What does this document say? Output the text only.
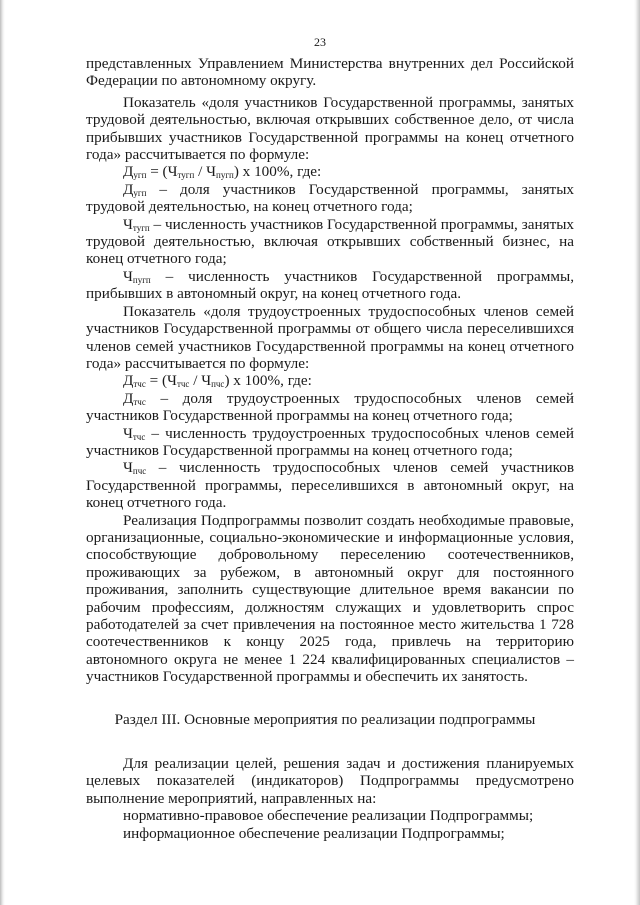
23

представленных Управлением Министерства внутренних дел Российской Федерации по автономному округу.

Показатель «доля участников Государственной программы, занятых трудовой деятельностью, включая открывших собственное дело, от числа прибывших участников Государственной программы на конец отчетного года» рассчитывается по формуле:

$Д_{угп} = (Ч_{тугп} / Ч_{пугп})$ x 100%, где:

$Д_{угп}$ – доля участников Государственной программы, занятых трудовой деятельностью, на конец отчетного года;

$Ч_{тугп}$ – численность участников Государственной программы, занятых трудовой деятельностью, включая открывших собственный бизнес, на конец отчетного года;

$Ч_{пугп}$ – численность участников Государственной программы, прибывших в автономный округ, на конец отчетного года.

Показатель «доля трудоустроенных трудоспособных членов семей участников Государственной программы от общего числа переселившихся членов семей участников Государственной программы на конец отчетного года» рассчитывается по формуле:

$Д_{тчс} = (Ч_{тчс} / Ч_{пчс})$ x 100%, где:

$Д_{тчс}$ – доля трудоустроенных трудоспособных членов семей участников Государственной программы на конец отчетного года;

$Ч_{тчс}$ – численность трудоустроенных трудоспособных членов семей участников Государственной программы на конец отчетного года;

$Ч_{пчс}$ – численность трудоспособных членов семей участников Государственной программы, переселившихся в автономный округ, на конец отчетного года.

Реализация Подпрограммы позволит создать необходимые правовые, организационные, социально-экономические и информационные условия, способствующие добровольному переселению соотечественников, проживающих за рубежом, в автономный округ для постоянного проживания, заполнить существующие длительное время вакансии по рабочим профессиям, должностям служащих и удовлетворить спрос работодателей за счет привлечения на постоянное место жительства 1 728 соотечественников к концу 2025 года, привлечь на территорию автономного округа не менее 1 224 квалифицированных специалистов – участников Государственной программы и обеспечить их занятость.

Раздел III. Основные мероприятия по реализации подпрограммы

Для реализации целей, решения задач и достижения планируемых целевых показателей (индикаторов) Подпрограммы предусмотрено выполнение мероприятий, направленных на:

нормативно-правовое обеспечение реализации Подпрограммы;

информационное обеспечение реализации Подпрограммы;
